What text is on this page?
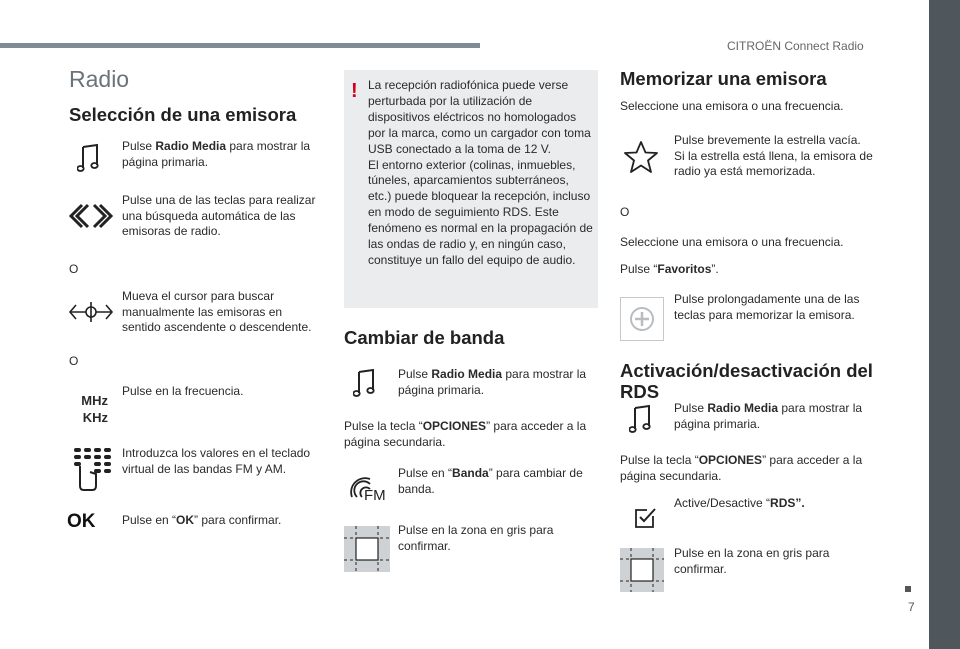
CITROËN Connect Radio
7
Radio
Selección de una emisora
Pulse Radio Media para mostrar la página primaria.
Pulse una de las teclas para realizar una búsqueda automática de las emisoras de radio.
O
Mueva el cursor para buscar manualmente las emisoras en sentido ascendente o descendente.
O
MHz
KHz
Pulse en la frecuencia.
Introduzca los valores en el teclado virtual de las bandas FM y AM.
OK Pulse en “OK” para confirmar.
! La recepción radiofónica puede verse perturbada por la utilización de dispositivos eléctricos no homologados por la marca, como un cargador con toma USB conectado a la toma de 12 V.
El entorno exterior (colinas, inmuebles, túneles, aparcamientos subterráneos, etc.) puede bloquear la recepción, incluso en modo de seguimiento RDS. Este fenómeno es normal en la propagación de las ondas de radio y, en ningún caso, constituye un fallo del equipo de audio.
Cambiar de banda
Pulse Radio Media para mostrar la página primaria.
Pulse la tecla “OPCIONES” para acceder a la página secundaria.
FM
Pulse en “Banda” para cambiar de banda.
Pulse en la zona en gris para confirmar.
Memorizar una emisora
Seleccione una emisora o una frecuencia.
Pulse brevemente la estrella vacía. Si la estrella está llena, la emisora de radio ya está memorizada.
O
Seleccione una emisora o una frecuencia.
Pulse “Favoritos”.
Pulse prolongadamente una de las teclas para memorizar la emisora.
Activación/desactivación del RDS
Pulse Radio Media para mostrar la página primaria.
Pulse la tecla “OPCIONES” para acceder a la página secundaria.
Active/Desactive “RDS”.
Pulse en la zona en gris para confirmar.
